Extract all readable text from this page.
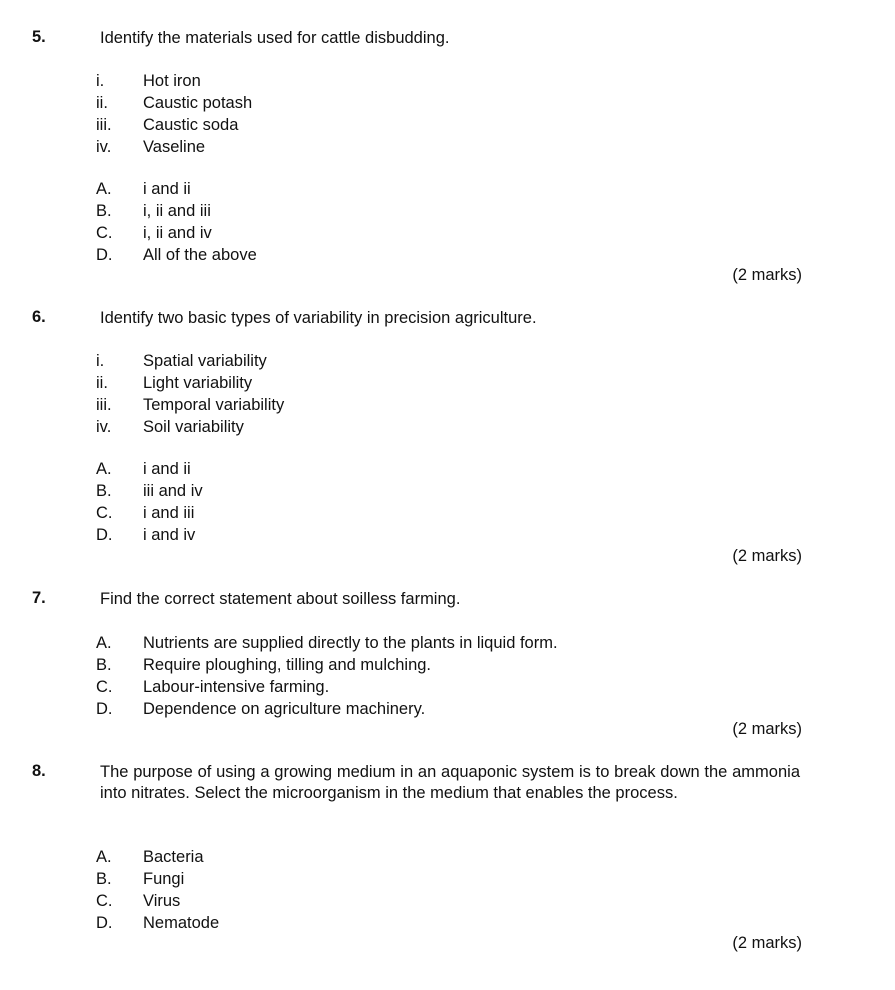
5.	Identify the materials used for cattle disbudding.
i. Hot iron
ii. Caustic potash
iii. Caustic soda
iv. Vaseline
A. i and ii
B. i, ii and iii
C. i, ii and iv
D. All of the above
(2 marks)
6.	Identify two basic types of variability in precision agriculture.
i. Spatial variability
ii. Light variability
iii. Temporal variability
iv. Soil variability
A. i and ii
B. iii and iv
C. i and iii
D. i and iv
(2 marks)
7.	Find the correct statement about soilless farming.
A. Nutrients are supplied directly to the plants in liquid form.
B. Require ploughing, tilling and mulching.
C. Labour-intensive farming.
D. Dependence on agriculture machinery.
(2 marks)
8.	The purpose of using a growing medium in an aquaponic system is to break down the ammonia into nitrates. Select the microorganism in the medium that enables the process.
A. Bacteria
B. Fungi
C. Virus
D. Nematode
(2 marks)
